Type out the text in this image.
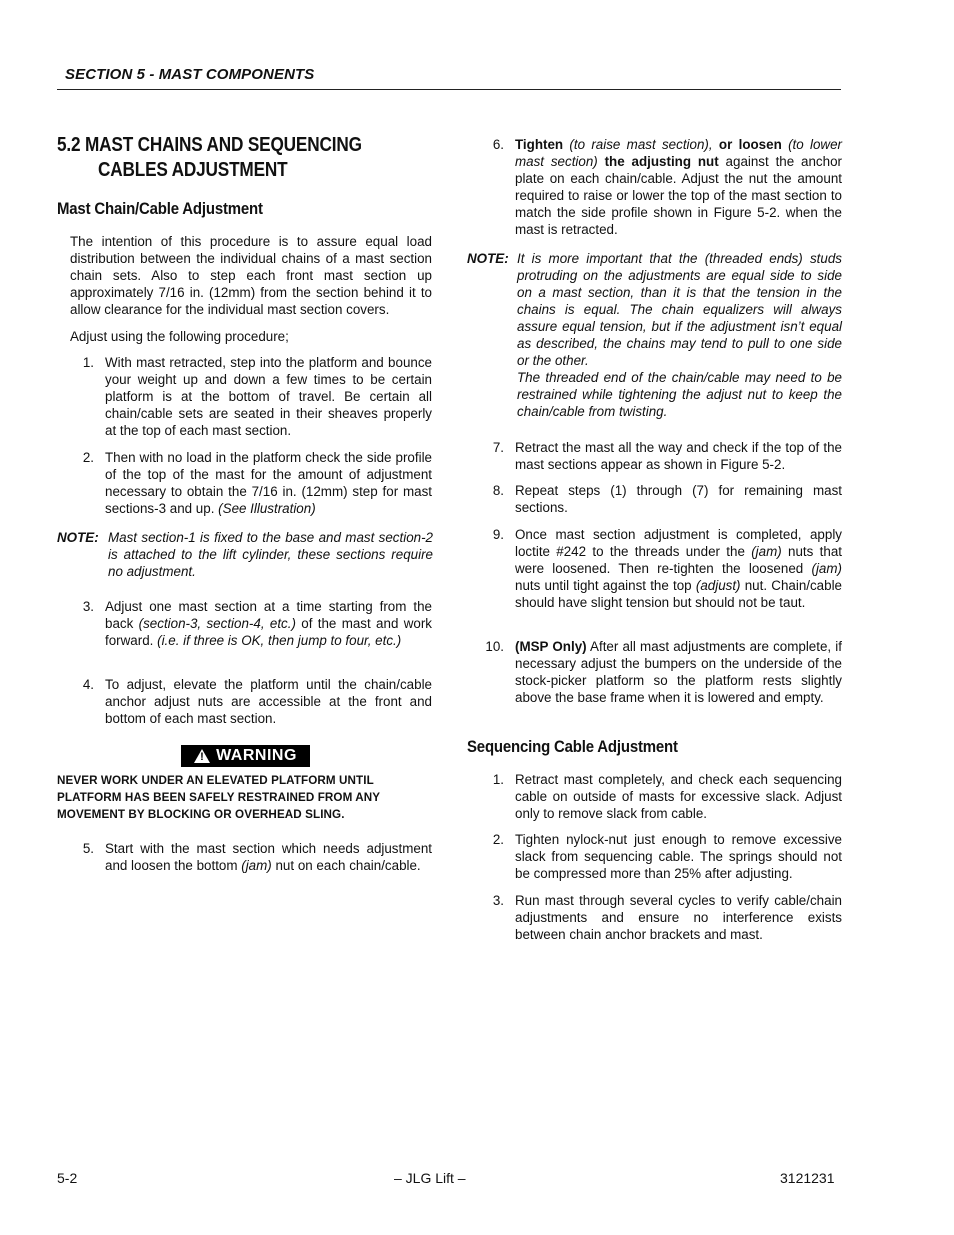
SECTION 5 - MAST COMPONENTS
5.2 MAST CHAINS AND SEQUENCING
CABLES ADJUSTMENT
Mast Chain/Cable Adjustment
The intention of this procedure is to assure equal load distribution between the individual chains of a mast section chain sets. Also to step each front mast section up approximately 7/16 in. (12mm) from the section behind it to allow clearance for the individual mast section covers.
Adjust using the following procedure;
1. With mast retracted, step into the platform and bounce your weight up and down a few times to be certain platform is at the bottom of travel. Be certain all chain/cable sets are seated in their sheaves properly at the top of each mast section.
2. Then with no load in the platform check the side profile of the top of the mast for the amount of adjustment necessary to obtain the 7/16 in. (12mm) step for mast sections-3 and up. (See Illustration)
NOTE: Mast section-1 is fixed to the base and mast section-2 is attached to the lift cylinder, these sections require no adjustment.
3. Adjust one mast section at a time starting from the back (section-3, section-4, etc.) of the mast and work forward. (i.e. if three is OK, then jump to four, etc.)
4. To adjust, elevate the platform until the chain/cable anchor adjust nuts are accessible at the front and bottom of each mast section.
! WARNING
NEVER WORK UNDER AN ELEVATED PLATFORM UNTIL PLATFORM HAS BEEN SAFELY RESTRAINED FROM ANY MOVEMENT BY BLOCKING OR OVERHEAD SLING.
5. Start with the mast section which needs adjustment and loosen the bottom (jam) nut on each chain/cable.
6. Tighten (to raise mast section), or loosen (to lower mast section) the adjusting nut against the anchor plate on each chain/cable. Adjust the nut the amount required to raise or lower the top of the mast section to match the side profile shown in Figure 5-2. when the mast is retracted.
NOTE: It is more important that the (threaded ends) studs protruding on the adjustments are equal side to side on a mast section, than it is that the tension in the chains is equal. The chain equalizers will always assure equal tension, but if the adjustment isn’t equal as described, the chains may tend to pull to one side or the other.
The threaded end of the chain/cable may need to be restrained while tightening the adjust nut to keep the chain/cable from twisting.
7. Retract the mast all the way and check if the top of the mast sections appear as shown in Figure 5-2.
8. Repeat steps (1) through (7) for remaining mast sections.
9. Once mast section adjustment is completed, apply loctite #242 to the threads under the (jam) nuts that were loosened. Then re-tighten the loosened (jam) nuts until tight against the top (adjust) nut. Chain/cable should have slight tension but should not be taut.
10. (MSP Only) After all mast adjustments are complete, if necessary adjust the bumpers on the underside of the stock-picker platform so the platform rests slightly above the base frame when it is lowered and empty.
Sequencing Cable Adjustment
1. Retract mast completely, and check each sequencing cable on outside of masts for excessive slack. Adjust only to remove slack from cable.
2. Tighten nylock-nut just enough to remove excessive slack from sequencing cable. The springs should not be compressed more than 25% after adjusting.
3. Run mast through several cycles to verify cable/chain adjustments and ensure no interference exists between chain anchor brackets and mast.
5-2	– JLG Lift –	3121231
